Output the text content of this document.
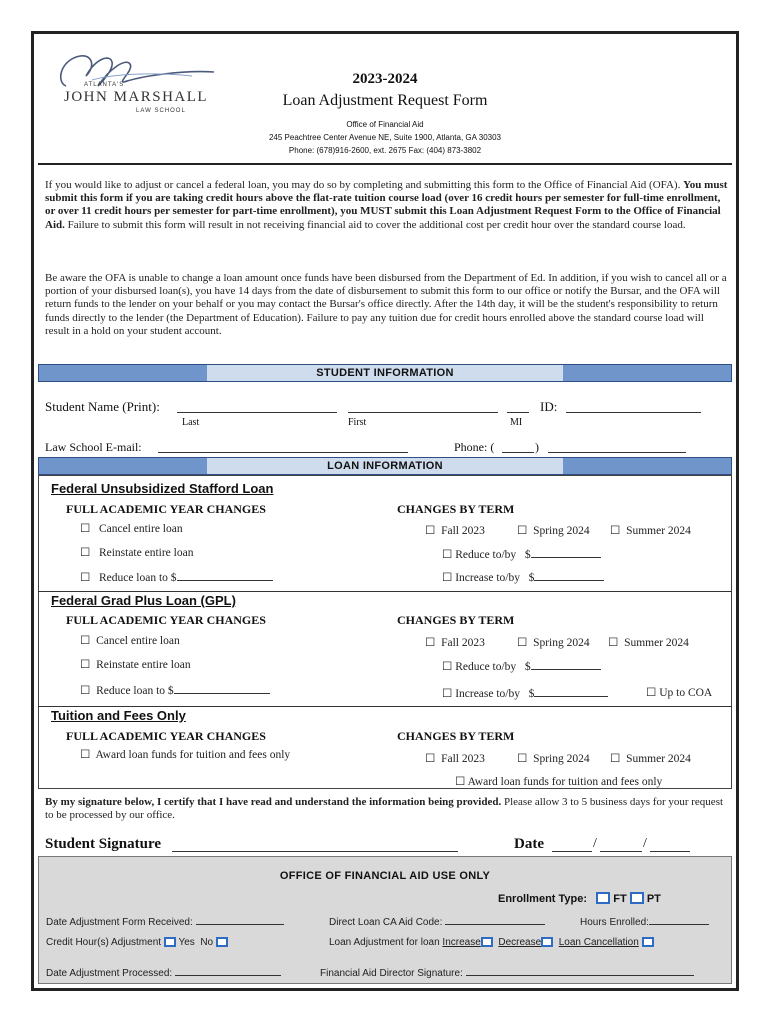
ATLANTA'S
JOHN MARSHALL
LAW SCHOOL
2023-2024
Loan Adjustment Request Form
Office of Financial Aid
245 Peachtree Center Avenue NE, Suite 1900, Atlanta, GA 30303
Phone: (678)916-2600, ext. 2675 Fax: (404) 873-3802
If you would like to adjust or cancel a federal loan, you may do so by completing and submitting this form to the Office of Financial Aid (OFA). You must submit this form if you are taking credit hours above the flat-rate tuition course load (over 16 credit hours per semester for full-time enrollment, or over 11 credit hours per semester for part-time enrollment), you MUST submit this Loan Adjustment Request Form to the Office of Financial Aid. Failure to submit this form will result in not receiving financial aid to cover the additional cost per credit hour over the standard course load.
Be aware the OFA is unable to change a loan amount once funds have been disbursed from the Department of Ed. In addition, if you wish to cancel all or a portion of your disbursed loan(s), you have 14 days from the date of disbursement to submit this form to our office or notify the Bursar, and the OFA will return funds to the lender on your behalf or you may contact the Bursar's office directly. After the 14th day, it will be the student's responsibility to return funds directly to the lender (the Department of Education). Failure to pay any tuition due for credit hours enrolled above the standard course load will result in a hold on your student account.
STUDENT INFORMATION
Student Name (Print):	ID:
Last	First	MI
Law School E-mail:	Phone: (	)
LOAN INFORMATION
Federal Unsubsidized Stafford Loan
FULL ACADEMIC YEAR CHANGES	CHANGES BY TERM
☐   Cancel entire loan
☐   Reinstate entire loan
☐   Reduce loan to $
☐  Fall 2023	☐  Spring 2024 ☐  Summer 2024
☐ Reduce to/by $
☐ Increase to/by $
Federal Grad Plus Loan (GPL)
FULL ACADEMIC YEAR CHANGES	CHANGES BY TERM
☐  Cancel entire loan
☐  Reinstate entire loan
☐  Reduce loan to $
☐  Fall 2023	☐  Spring 2024 ☐  Summer 2024
☐ Reduce to/by $
☐ Increase to/by $	☐ Up to COA
Tuition and Fees Only
FULL ACADEMIC YEAR CHANGES	CHANGES BY TERM
☐  Award loan funds for tuition and fees only	☐  Fall 2023	☐  Spring 2024 ☐  Summer 2024
☐ Award loan funds for tuition and fees only
By my signature below, I certify that I have read and understand the information being provided. Please allow 3 to 5 business days for your request to be processed by our office.
Student Signature	Date	/	/
OFFICE OF FINANCIAL AID USE ONLY
Enrollment Type: FT PT
Date Adjustment Form Received:	Direct Loan CA Aid Code:	Hours Enrolled:
Credit Hour(s) Adjustment Yes No	Loan Adjustment for loan Increase Decrease Loan Cancellation
Date Adjustment Processed:	Financial Aid Director Signature:
